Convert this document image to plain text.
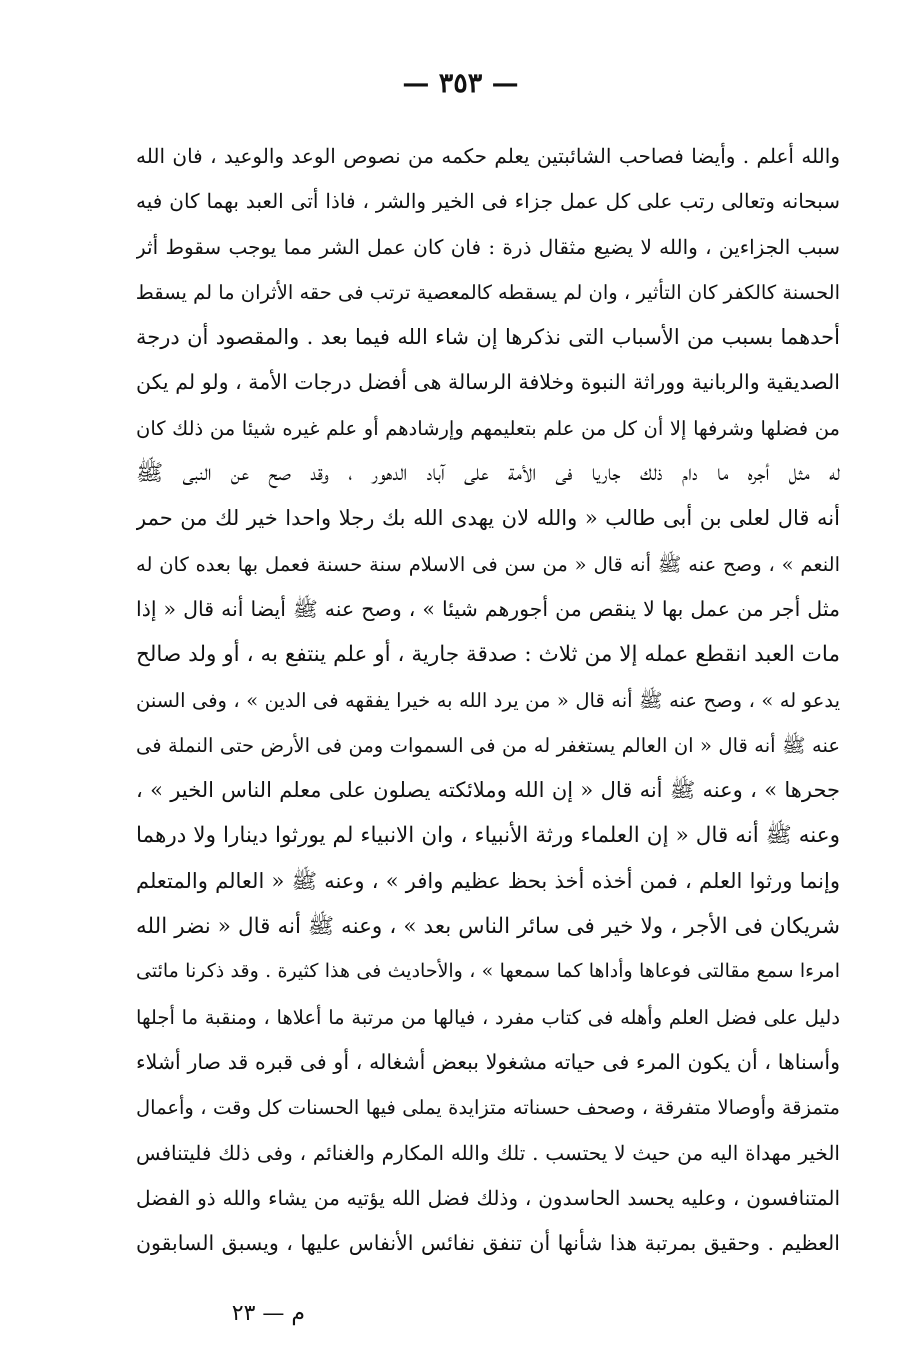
— ٣٥٣ —
والله أعلم . وأيضا فصاحب الشائبتين يعلم حكمه من نصوص الوعد والوعيد ، فان الله
سبحانه وتعالى رتب على كل عمل جزاء فى الخير والشر ، فاذا أتى العبد بهما كان فيه
سبب الجزاءين ، والله لا يضيع مثقال ذرة : فان كان عمل الشر مما يوجب سقوط أثر
الحسنة كالكفر كان التأثير ، وان لم يسقطه كالمعصية ترتب فى حقه الأثران ما لم يسقط
أحدهما بسبب من الأسباب التى نذكرها إن شاء الله فيما بعد . والمقصود أن درجة
الصديقية والربانية ووراثة النبوة وخلافة الرسالة هى أفضل درجات الأمة ، ولو لم يكن
من فضلها وشرفها إلا أن كل من علم بتعليمهم وإرشادهم أو علم غيره شيئا من ذلك كان
له مثل أجره ما دام ذلك جاريا فى الأمة على آباد الدهور ، وقد صح عن النبى ﷺ
أنه قال لعلى بن أبى طالب « والله لان يهدى الله بك رجلا واحدا خير لك من حمر
النعم » ، وصح عنه ﷺ أنه قال « من سن فى الاسلام سنة حسنة فعمل بها بعده كان له
مثل أجر من عمل بها لا ينقص من أجورهم شيئا » ، وصح عنه ﷺ أيضا أنه قال « إذا
مات العبد انقطع عمله إلا من ثلاث : صدقة جارية ، أو علم ينتفع به ، أو ولد صالح
يدعو له » ، وصح عنه ﷺ أنه قال « من يرد الله به خيرا يفقهه فى الدين » ، وفى السنن
عنه ﷺ أنه قال « ان العالم يستغفر له من فى السموات ومن فى الأرض حتى النملة فى
جحرها » ، وعنه ﷺ أنه قال « إن الله وملائكته يصلون على معلم الناس الخير » ،
وعنه ﷺ أنه قال « إن العلماء ورثة الأنبياء ، وان الانبياء لم يورثوا دينارا ولا درهما
وإنما ورثوا العلم ، فمن أخذه أخذ بحظ عظيم وافر » ، وعنه ﷺ « العالم والمتعلم
شريكان فى الأجر ، ولا خير فى سائر الناس بعد » ، وعنه ﷺ أنه قال « نضر الله
امرءا سمع مقالتى فوعاها وأداها كما سمعها » ، والأحاديث فى هذا كثيرة . وقد ذكرنا مائتى
دليل على فضل العلم وأهله فى كتاب مفرد ، فيالها من مرتبة ما أعلاها ، ومنقبة ما أجلها
وأسناها ، أن يكون المرء فى حياته مشغولا ببعض أشغاله ، أو فى قبره قد صار أشلاء
متمزقة وأوصالا متفرقة ، وصحف حسناته متزايدة يملى فيها الحسنات كل وقت ، وأعمال
الخير مهداة اليه من حيث لا يحتسب . تلك والله المكارم والغنائم ، وفى ذلك فليتنافس
المتنافسون ، وعليه يحسد الحاسدون ، وذلك فضل الله يؤتيه من يشاء والله ذو الفضل
العظيم . وحقيق بمرتبة هذا شأنها أن تنفق نفائس الأنفاس عليها ، ويسبق السابقون
م — ٢٣
